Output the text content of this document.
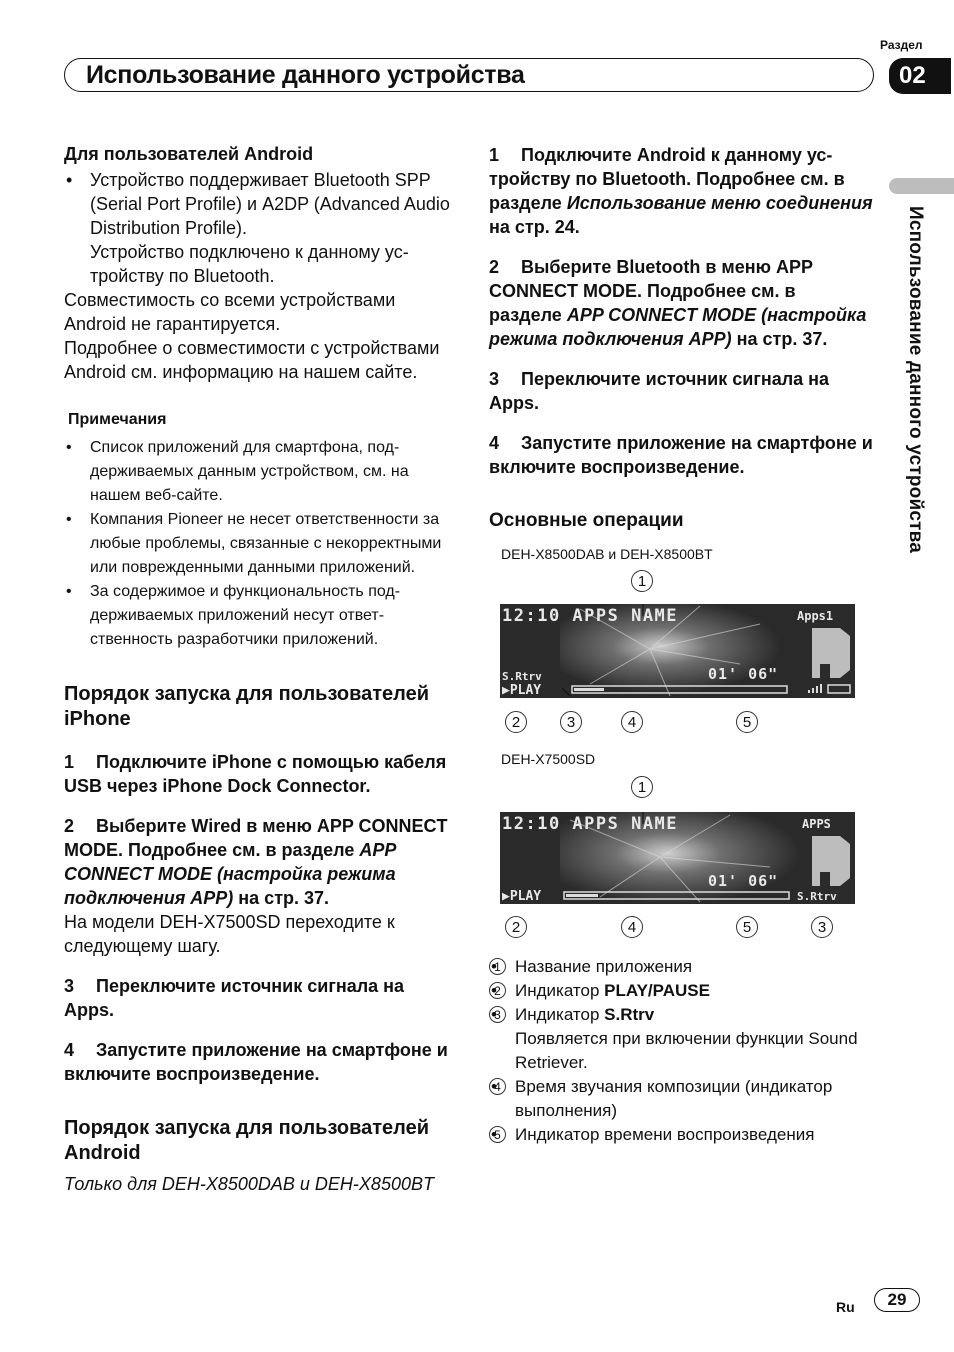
Раздел
Использование данного устройства	02
Использование данного устройства
Для пользователей Android

• Устройство поддерживает Bluetooth SPP (Serial Port Profile) и A2DP (Advanced Audio Distribution Profile).

Устройство подключено к данному устройству по Bluetooth.

Совместимость со всеми устройствами Android не гарантируется.

Подробнее о совместимости с устройствами Android см. информацию на нашем сайте.

Примечания
• Список приложений для смартфона, поддерживаемых данным устройством, см. на нашем веб-сайте.
• Компания Pioneer не несет ответственности за любые проблемы, связанные с некорректными или поврежденными данными приложений.
• За содержимое и функциональность поддерживаемых приложений несут ответственность разработчики приложений.
Порядок запуска для пользователей iPhone

1 Подключите iPhone с помощью кабеля USB через iPhone Dock Connector.

2 Выберите Wired в меню APP CONNECT MODE. Подробнее см. в разделе APP CONNECT MODE (настройка режима подключения APP) на стр. 37.

На модели DEH-X7500SD переходите к следующему шагу.

3 Переключите источник сигнала на Apps.

4 Запустите приложение на смартфоне и включите воспроизведение.

Порядок запуска для пользователей Android

Только для DEH-X8500DAB и DEH-X8500BT

1 Подключите Android к данному устройству по Bluetooth. Подробнее см. в разделе Использование меню соединения на стр. 24.

2 Выберите Bluetooth в меню APP CONNECT MODE. Подробнее см. в разделе APP CONNECT MODE (настройка режима подключения APP) на стр. 37.

3 Переключите источник сигнала на Apps.

4 Запустите приложение на смартфоне и включите воспроизведение.

Основные операции
DEH-X8500DAB и DEH-X8500BT
1
12:10 APPS NAME	Apps1
S.Rtrv
▶PLAY
01' 06"
2	3	4	5
DEH-X7500SD
1
12:10 APPS NAME	APPS
▶PLAY
01' 06"
S.Rtrv
2	4	5	3
• 1 Название приложения
• 2 Индикатор PLAY/PAUSE
• 3 Индикатор S.Rtrv
Появляется при включении функции Sound Retriever.
• 4 Время звучания композиции (индикатор выполнения)
• 5 Индикатор времени воспроизведения
Ru	29
